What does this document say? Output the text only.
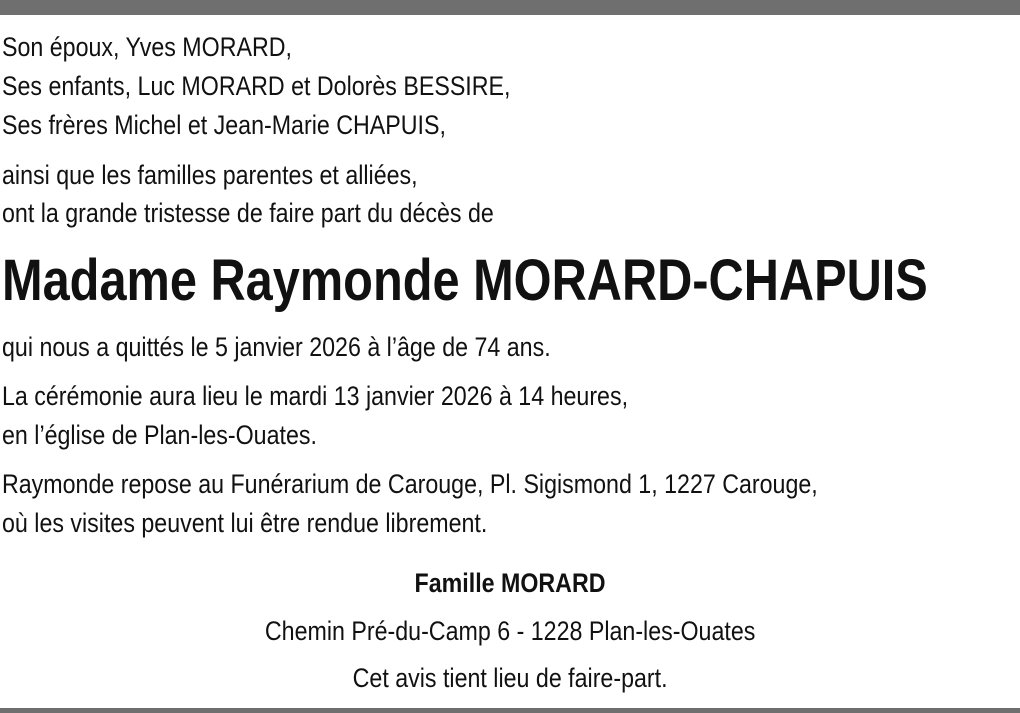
Son époux, Yves MORARD,
Ses enfants, Luc MORARD et Dolorès BESSIRE,
Ses frères Michel et Jean-Marie CHAPUIS,
ainsi que les familles parentes et alliées,
ont la grande tristesse de faire part du décès de
Madame Raymonde MORARD-CHAPUIS
qui nous a quittés le 5 janvier 2026 à l’âge de 74 ans.
La cérémonie aura lieu le mardi 13 janvier 2026 à 14 heures,
en l’église de Plan-les-Ouates.
Raymonde repose au Funérarium de Carouge, Pl. Sigismond 1, 1227 Carouge,
où les visites peuvent lui être rendue librement.
Famille MORARD
Chemin Pré-du-Camp 6 - 1228 Plan-les-Ouates
Cet avis tient lieu de faire-part.
